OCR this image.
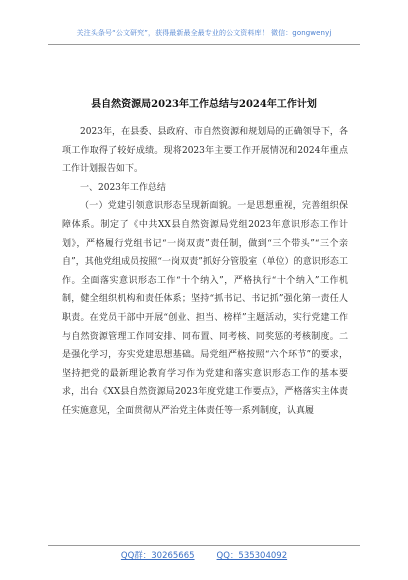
关注头条号“公文研究”，获得最新最全最专业的公文资料库！ 微信：gongwenyj
县自然资源局2023年工作总结与2024年工作计划

2023年，在县委、县政府、市自然资源和规划局的正确领导下，各项工作取得了较好成绩。现将2023年主要工作开展情况和2024年重点工作计划报告如下。

一、2023年工作总结

（一）党建引领意识形态呈现新面貌。一是思想重视，完善组织保障体系。制定了《中共XX县自然资源局党组2023年意识形态工作计划》，严格履行党组书记“一岗双责”责任制，做到“三个带头”“三个亲自”，其他党组成员按照“一岗双责”抓好分管股室（单位）的意识形态工作。全面落实意识形态工作“十个纳入”，严格执行“十个纳入”工作机制，健全组织机构和责任体系；坚持“抓书记、书记抓”强化第一责任人职责。在党员干部中开展“创业、担当、榜样”主题活动，实行党建工作与自然资源管理工作同安排、同布置、同考核、同奖惩的考核制度。二是强化学习，夯实党建思想基础。局党组严格按照“六个环节”的要求，坚持把党的最新理论教育学习作为党建和落实意识形态工作的基本要求，出台《XX县自然资源局2023年度党建工作要点》，严格落实主体责任实施意见，全面贯彻从严治党主体责任等一系列制度，认真履

QQ群：30265665	QQ：535304092
